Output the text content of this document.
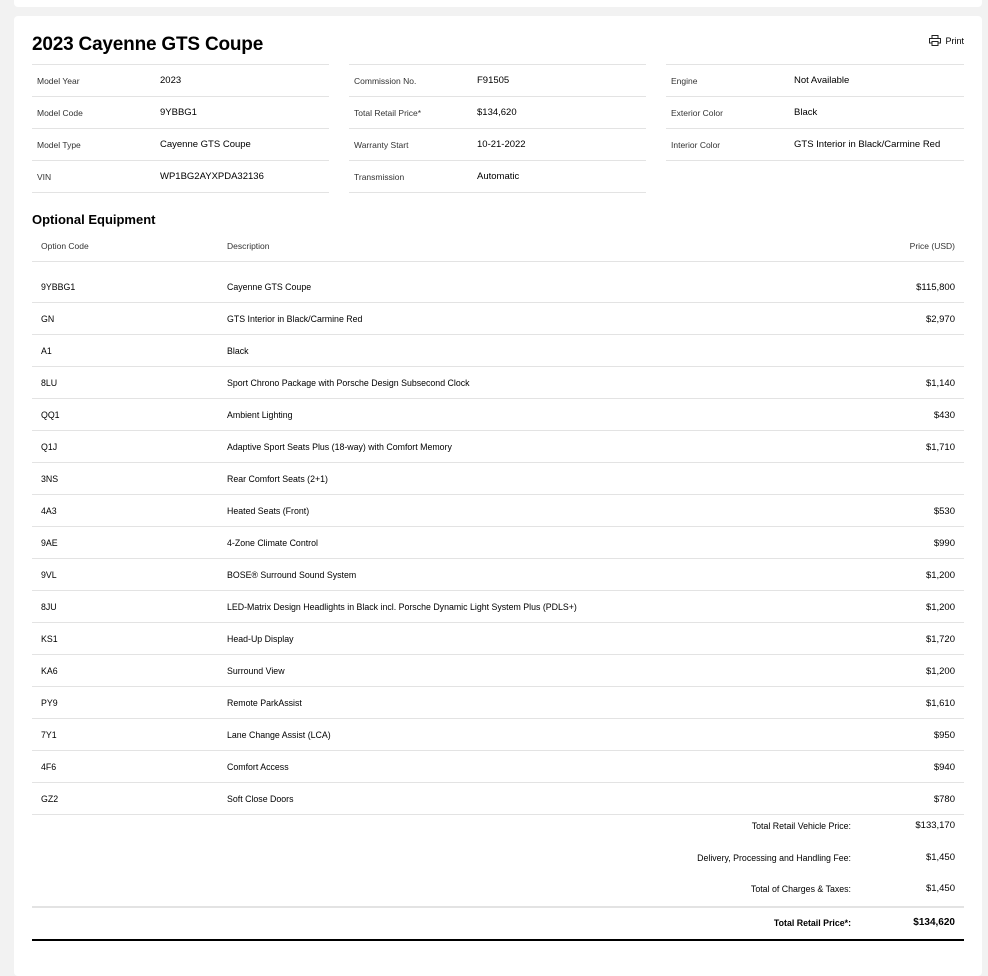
2023 Cayenne GTS Coupe	Print
Model Year	2023
Model Code	9YBBG1
Model Type	Cayenne GTS Coupe
VIN	WP1BG2AYXPDA32136
Commission No.	F91505
Total Retail Price*	$134,620
Warranty Start	10-21-2022
Transmission	Automatic
Engine	Not Available
Exterior Color	Black
Interior Color	GTS Interior in Black/Carmine Red
Optional Equipment
Option Code	Description	Price (USD)
9YBBG1	Cayenne GTS Coupe	$115,800
GN	GTS Interior in Black/Carmine Red	$2,970
A1	Black
8LU	Sport Chrono Package with Porsche Design Subsecond Clock	$1,140
QQ1	Ambient Lighting	$430
Q1J	Adaptive Sport Seats Plus (18-way) with Comfort Memory	$1,710
3NS	Rear Comfort Seats (2+1)
4A3	Heated Seats (Front)	$530
9AE	4-Zone Climate Control	$990
9VL	BOSE® Surround Sound System	$1,200
8JU	LED-Matrix Design Headlights in Black incl. Porsche Dynamic Light System Plus (PDLS+)	$1,200
KS1	Head-Up Display	$1,720
KA6	Surround View	$1,200
PY9	Remote ParkAssist	$1,610
7Y1	Lane Change Assist (LCA)	$950
4F6	Comfort Access	$940
GZ2	Soft Close Doors	$780
Total Retail Vehicle Price:	$133,170
Delivery, Processing and Handling Fee:	$1,450
Total of Charges & Taxes:	$1,450
Total Retail Price*:	$134,620
